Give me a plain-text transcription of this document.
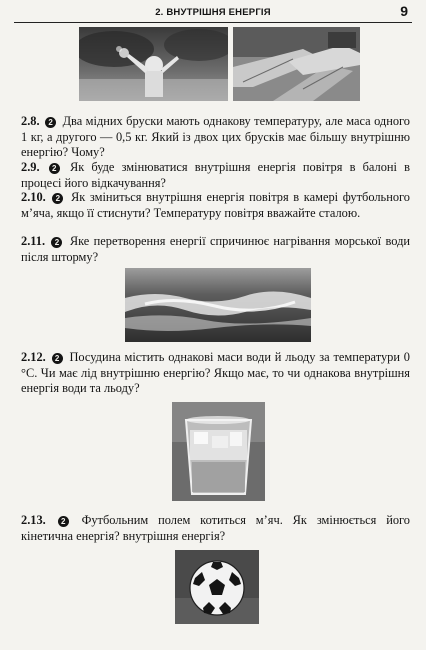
2. ВНУТРІШНЯ ЕНЕРГІЯ	9
2.8. 2 Два мідних бруски мають однакову температуру, але маса одного 1 кг, а другого — 0,5 кг. Який із двох цих брусків має більшу внутрішню енергію? Чому?
2.9. 2 Як буде змінюватися внутрішня енергія повітря в балоні в процесі його відкачування?
2.10. 2 Як зміниться внутрішня енергія повітря в камері футбольного м’яча, якщо її стиснути? Температуру повітря вважайте сталою.
2.11. 2 Яке перетворення енергії спричинює нагрівання морської води після шторму?
2.12. 2 Посудина містить однакові маси води й льоду за температури 0 °С. Чи має лід внутрішню енергію? Якщо має, то чи однакова внутрішня енергія води та льоду?
2.13. 2 Футбольним полем котиться м’яч. Як змінюється його кінетична енергія? внутрішня енергія?
